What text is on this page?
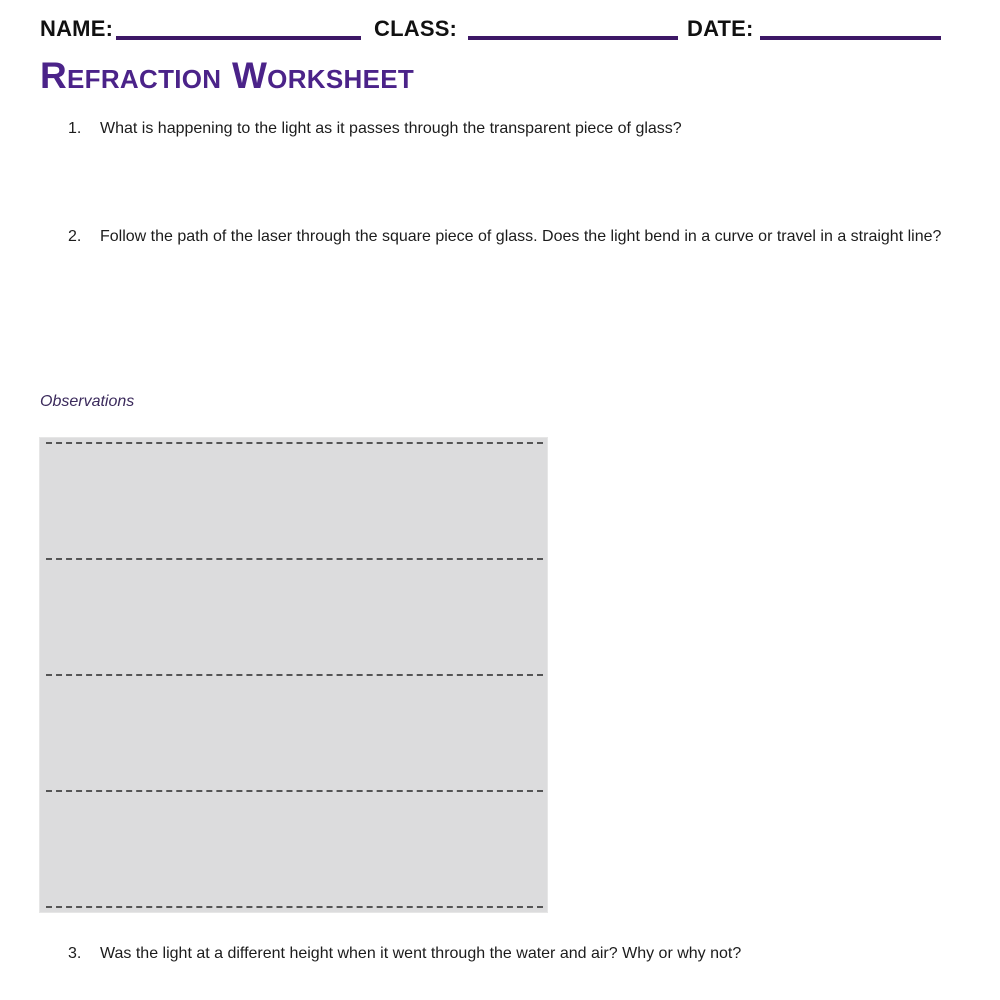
NAME:	CLASS:	DATE:
Refraction Worksheet
1. What is happening to the light as it passes through the transparent piece of glass?
2. Follow the path of the laser through the square piece of glass. Does the light bend in a curve or travel in a straight line?
Observations
3. Was the light at a different height when it went through the water and air? Why or why not?
